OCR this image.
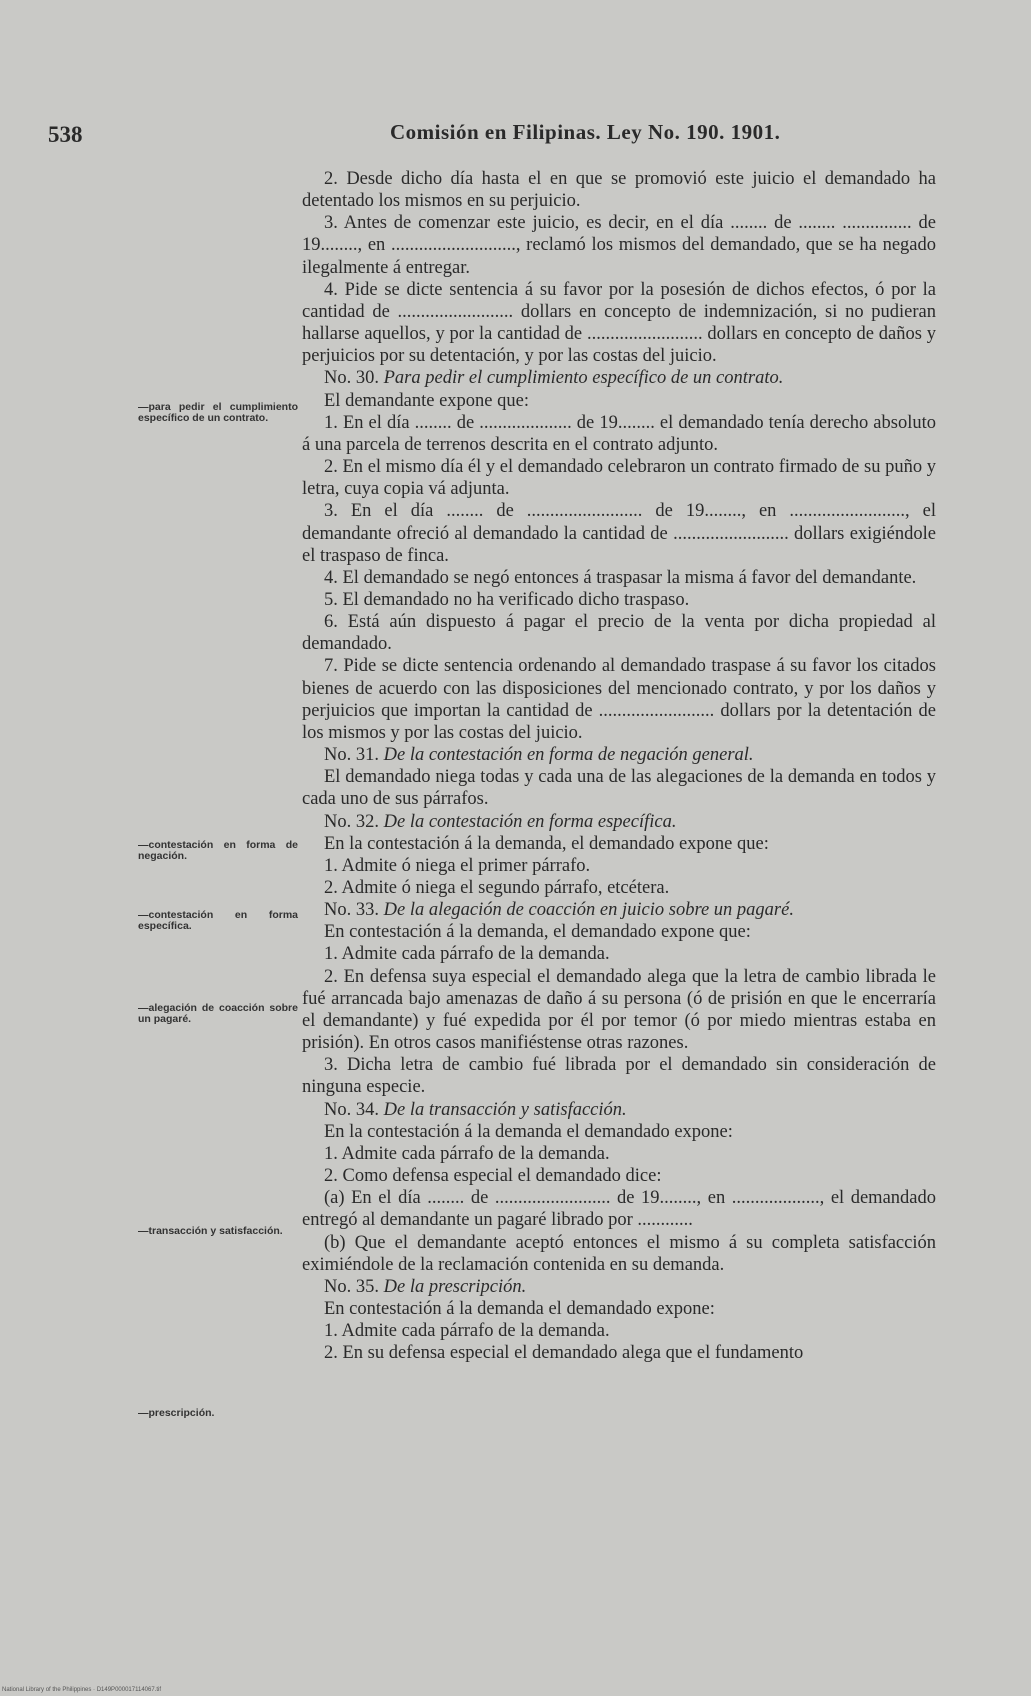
538	Comisión en Filipinas. Ley No. 190. 1901.
—para pedir el cumplimiento específico de un contrato.
—contestación en forma de negación.
—contestación en forma específica.
—alegación de coacción sobre un pagaré.
—transacción y satisfacción.
—prescripción.

2. Desde dicho día hasta el en que se promovió este juicio el demandado ha detentado los mismos en su perjuicio.

3. Antes de comenzar este juicio, es decir, en el día ........ de ........ ............... de 19........, en ..........................., reclamó los mismos del demandado, que se ha negado ilegalmente á entregar.

4. Pide se dicte sentencia á su favor por la posesión de dichos efectos, ó por la cantidad de ......................... dollars en concepto de indemnización, si no pudieran hallarse aquellos, y por la cantidad de ......................... dollars en concepto de daños y perjuicios por su detentación, y por las costas del juicio.

No. 30. Para pedir el cumplimiento específico de un contrato.

El demandante expone que:

1. En el día ........ de .................... de 19........ el demandado tenía derecho absoluto á una parcela de terrenos descrita en el contrato adjunto.

2. En el mismo día él y el demandado celebraron un contrato firmado de su puño y letra, cuya copia vá adjunta.

3. En el día ........ de ......................... de 19........, en ........................., el demandante ofreció al demandado la cantidad de ......................... dollars exigiéndole el traspaso de finca.

4. El demandado se negó entonces á traspasar la misma á favor del demandante.

5. El demandado no ha verificado dicho traspaso.

6. Está aún dispuesto á pagar el precio de la venta por dicha propiedad al demandado.

7. Pide se dicte sentencia ordenando al demandado traspase á su favor los citados bienes de acuerdo con las disposiciones del mencionado contrato, y por los daños y perjuicios que importan la cantidad de ......................... dollars por la detentación de los mismos y por las costas del juicio.

No. 31. De la contestación en forma de negación general.

El demandado niega todas y cada una de las alegaciones de la demanda en todos y cada uno de sus párrafos.

No. 32. De la contestación en forma específica.

En la contestación á la demanda, el demandado expone que:

1. Admite ó niega el primer párrafo.

2. Admite ó niega el segundo párrafo, etcétera.

No. 33. De la alegación de coacción en juicio sobre un pagaré.

En contestación á la demanda, el demandado expone que:

1. Admite cada párrafo de la demanda.

2. En defensa suya especial el demandado alega que la letra de cambio librada le fué arrancada bajo amenazas de daño á su persona (ó de prisión en que le encerraría el demandante) y fué expedida por él por temor (ó por miedo mientras estaba en prisión). En otros casos manifiéstense otras razones.

3. Dicha letra de cambio fué librada por el demandado sin consideración de ninguna especie.

No. 34. De la transacción y satisfacción.

En la contestación á la demanda el demandado expone:

1. Admite cada párrafo de la demanda.

2. Como defensa especial el demandado dice:

(a) En el día ........ de ......................... de 19........, en ..................., el demandado entregó al demandante un pagaré librado por ............

(b) Que el demandante aceptó entonces el mismo á su completa satisfacción eximiéndole de la reclamación contenida en su demanda.

No. 35. De la prescripción.

En contestación á la demanda el demandado expone:

1. Admite cada párrafo de la demanda.

2. En su defensa especial el demandado alega que el fundamento

National Library of the Philippines · D149P000017114067.tif
